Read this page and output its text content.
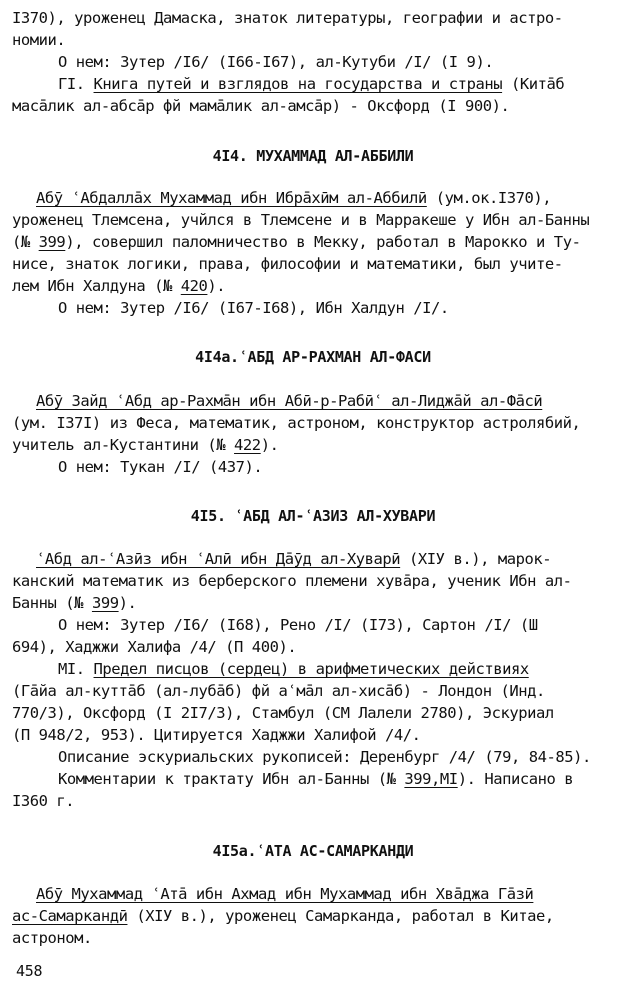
I370), уроженец Дамаска, знаток литературы, географии и астро-
номии.
О нем: Зутер /I6/ (I66-I67), ал-Кутуби /I/ (I 9).
ГI. Книга путей и взглядов на государства и страны (Китāб
масāлик ал-абсāр фй мамāлик ал-амсāр) - Оксфорд (I 900).
4I4. МУХАММАД АЛ-АББИЛИ
Абӯ ʿАбдаллāх Мухаммад ибн Ибрāхӣм ал-Аббилӣ (ум.ок.I370),
уроженец Тлемсена, учйлся в Тлемсене и в Марракеше у Ибн ал-Банны
(№ 399), совершил паломничество в Мекку, работал в Марокко и Ту-
нисе, знаток логики, права, философии и математики, был учите-
лем Ибн Халдуна (№ 420).
О нем: Зутер /I6/ (I67-I68), Ибн Халдун /I/.
4I4а.ʿАБД АР-РАХМАН АЛ-ФАСИ
Абӯ Зайд ʿАбд ар-Рахмāн ибн Абӣ-р-Рабӣʿ ал-Лиджāй ал-Фāсӣ
(ум. I37I) из Феса, математик, астроном, конструктор астролябий,
учитель ал-Кустантини (№ 422).
О нем: Тукан /I/ (437).
4I5. ʿАБД АЛ-ʿАЗИЗ АЛ-ХУВАРИ
ʿАбд ал-ʿАзӣз ибн ʿАлӣ ибн Дāӯд ал-Хуварӣ (XIУ в.), марок-
канский математик из берберского племени хувāра, ученик Ибн ал-
Банны (№ 399).
О нем: Зутер /I6/ (I68), Рено /I/ (I73), Сартон /I/ (Ш
694), Хаджжи Халифа /4/ (П 400).
МI. Предел писцов (сердец) в арифметических действиях
(Гāйа ал-куттāб (ал-лубāб) фй аʿмāл ал-хисāб) - Лондон (Инд.
770/3), Оксфорд (I 2I7/3), Стамбул (СМ Лалели 2780), Эскуриал
(П 948/2, 953). Цитируется Хаджжи Халифой /4/.
Описание эскуриальских рукописей: Деренбург /4/ (79, 84-85).
Комментарии к трактату Ибн ал-Банны (№ 399,МI). Написано в
I360 г.
4I5а.ʿАТА АС-САМАРКАНДИ
Абӯ Мухаммад ʿАтā ибн Ахмад ибн Мухаммад ибн Хвāджа Гāзӣ
ас-Самаркандӣ (XIУ в.), уроженец Самарканда, работал в Китае,
астроном.
458
